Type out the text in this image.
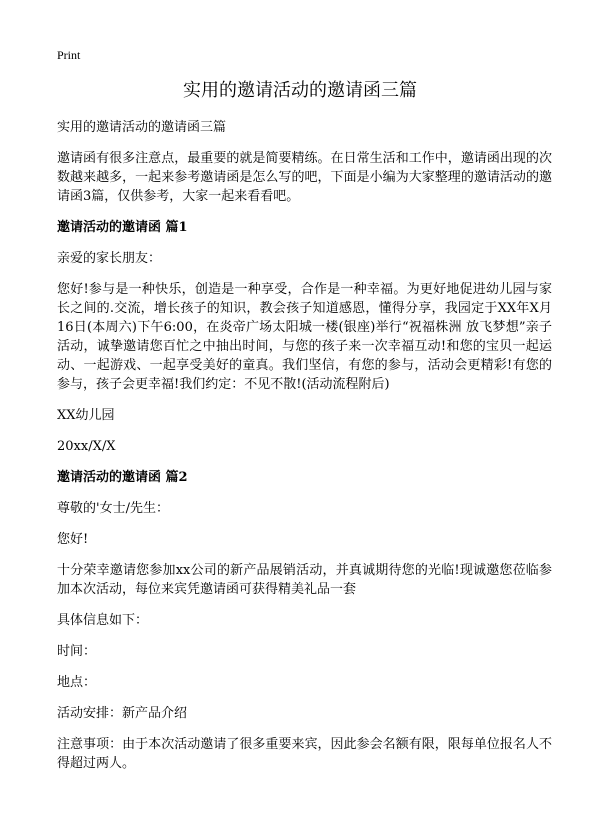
Print
实用的邀请活动的邀请函三篇

实用的邀请活动的邀请函三篇

邀请函有很多注意点，最重要的就是简要精练。在日常生活和工作中，邀请函出现的次数越来越多，一起来参考邀请函是怎么写的吧，下面是小编为大家整理的邀请活动的邀请函3篇，仅供参考，大家一起来看看吧。

邀请活动的邀请函 篇1

亲爱的家长朋友：

您好!参与是一种快乐，创造是一种享受，合作是一种幸福。为更好地促进幼儿园与家长之间的.交流，增长孩子的知识，教会孩子知道感恩，懂得分享，我园定于XX年X月16日(本周六)下午6:00，在炎帝广场太阳城一楼(银座)举行“祝福株洲 放飞梦想”亲子活动，诚挚邀请您百忙之中抽出时间，与您的孩子来一次幸福互动!和您的宝贝一起运动、一起游戏、一起享受美好的童真。我们坚信，有您的参与，活动会更精彩!有您的参与，孩子会更幸福!我们约定：不见不散!(活动流程附后)

XX幼儿园

20xx/X/X

邀请活动的邀请函 篇2

尊敬的'女士/先生：

您好!

十分荣幸邀请您参加xx公司的新产品展销活动，并真诚期待您的光临!现诚邀您莅临参加本次活动，每位来宾凭邀请函可获得精美礼品一套

具体信息如下：

时间：

地点：

活动安排：新产品介绍

注意事项：由于本次活动邀请了很多重要来宾，因此参会名额有限，限每单位报名人不得超过两人。
